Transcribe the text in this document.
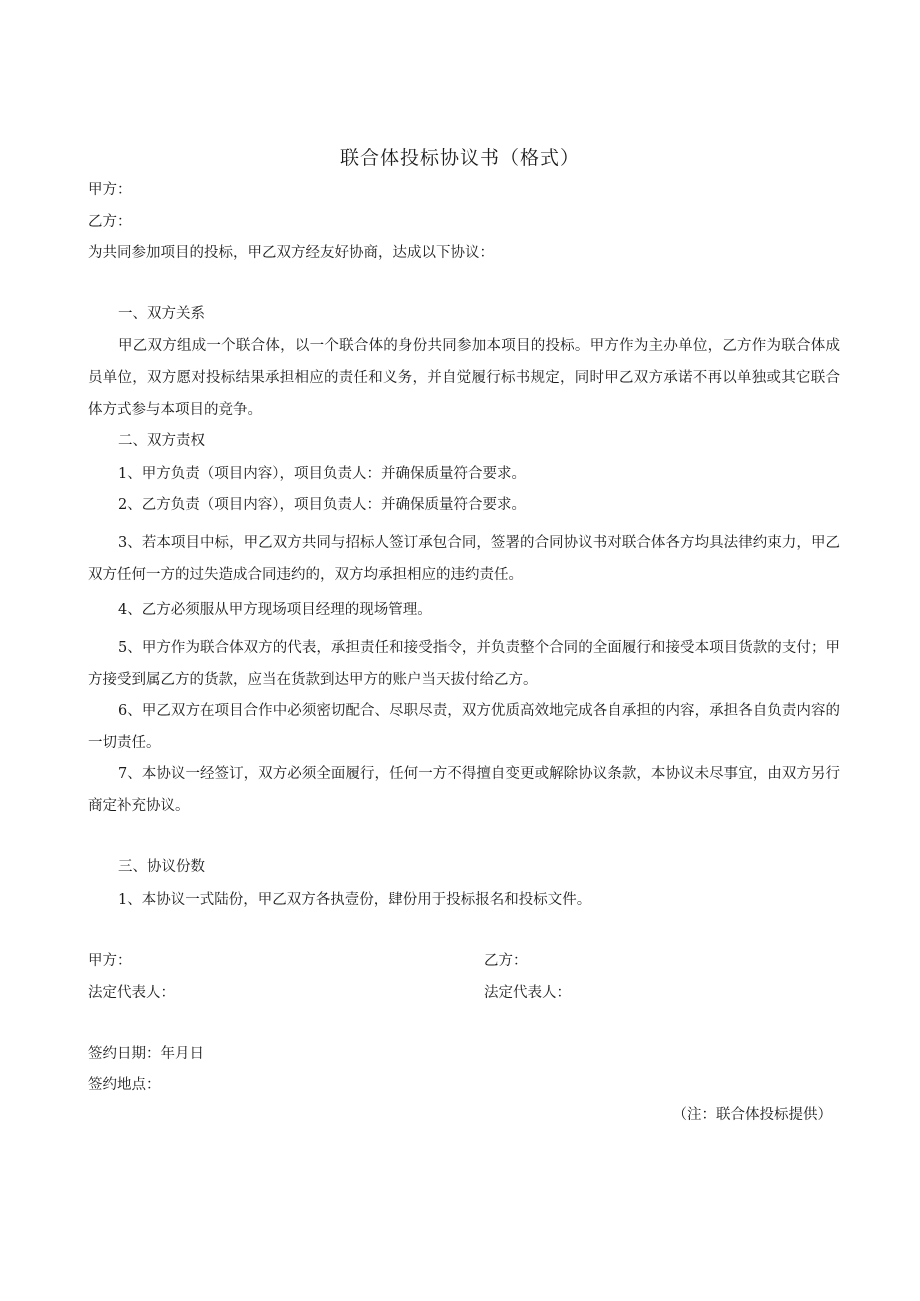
联合体投标协议书（格式）
甲方：
乙方：
为共同参加项目的投标，甲乙双方经友好协商，达成以下协议：
一、双方关系
甲乙双方组成一个联合体，以一个联合体的身份共同参加本项目的投标。甲方作为主办单位，乙方作为联合体成员单位，双方愿对投标结果承担相应的责任和义务，并自觉履行标书规定，同时甲乙双方承诺不再以单独或其它联合体方式参与本项目的竞争。
二、双方责权
1、甲方负责（项目内容），项目负责人：并确保质量符合要求。
2、乙方负责（项目内容），项目负责人：并确保质量符合要求。
3、若本项目中标，甲乙双方共同与招标人签订承包合同，签署的合同协议书对联合体各方均具法律约束力，甲乙双方任何一方的过失造成合同违约的，双方均承担相应的违约责任。
4、乙方必须服从甲方现场项目经理的现场管理。
5、甲方作为联合体双方的代表，承担责任和接受指令，并负责整个合同的全面履行和接受本项目货款的支付；甲方接受到属乙方的货款，应当在货款到达甲方的账户当天拔付给乙方。
6、甲乙双方在项目合作中必须密切配合、尽职尽责，双方优质高效地完成各自承担的内容，承担各自负责内容的一切责任。
7、本协议一经签订，双方必须全面履行，任何一方不得擅自变更或解除协议条款，本协议未尽事宜，由双方另行商定补充协议。
三、协议份数
1、本协议一式陆份，甲乙双方各执壹份，肆份用于投标报名和投标文件。
甲方：	乙方：
法定代表人：	法定代表人：
签约日期：年月日
签约地点：
（注：联合体投标提供）
